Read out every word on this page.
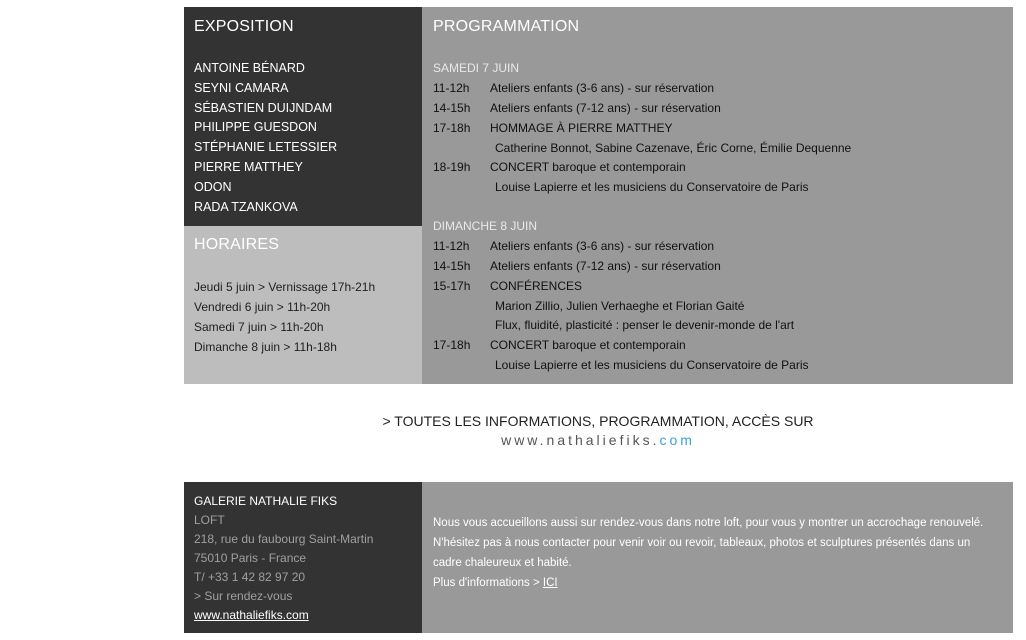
EXPOSITION
ANTOINE BÉNARD
SEYNI CAMARA
SÉBASTIEN DUIJNDAM
PHILIPPE GUESDON
STÉPHANIE LETESSIER
PIERRE MATTHEY
ODON
RADA TZANKOVA
HORAIRES
Jeudi 5 juin > Vernissage 17h-21h
Vendredi 6 juin > 11h-20h
Samedi 7 juin > 11h-20h
Dimanche 8 juin > 11h-18h
PROGRAMMATION
SAMEDI 7 JUIN
11-12h Ateliers enfants (3-6 ans) - sur réservation
14-15h Ateliers enfants (7-12 ans) - sur réservation
17-18h HOMMAGE À PIERRE MATTHEY
Catherine Bonnot, Sabine Cazenave, Éric Corne, Émilie Dequenne
18-19h CONCERT baroque et contemporain
Louise Lapierre et les musiciens du Conservatoire de Paris
DIMANCHE 8 JUIN
11-12h Ateliers enfants (3-6 ans) - sur réservation
14-15h Ateliers enfants (7-12 ans) - sur réservation
15-17h CONFÉRENCES
Marion Zillio, Julien Verhaeghe et Florian Gaité
Flux, fluidité, plasticité : penser le devenir-monde de l'art
17-18h CONCERT baroque et contemporain
Louise Lapierre et les musiciens du Conservatoire de Paris
> TOUTES LES INFORMATIONS, PROGRAMMATION, ACCÈS SUR
www.nathaliefiks.com
GALERIE NATHALIE FIKS
LOFT
218, rue du faubourg Saint-Martin
75010 Paris - France
T/ +33 1 42 82 97 20
> Sur rendez-vous
www.nathaliefiks.com

Nous vous accueillons aussi sur rendez-vous dans notre loft, pour vous y montrer un accrochage renouvelé.
N'hésitez pas à nous contacter pour venir voir ou revoir, tableaux, photos et sculptures présentés dans un cadre chaleureux et habité.
Plus d'informations > ICI
